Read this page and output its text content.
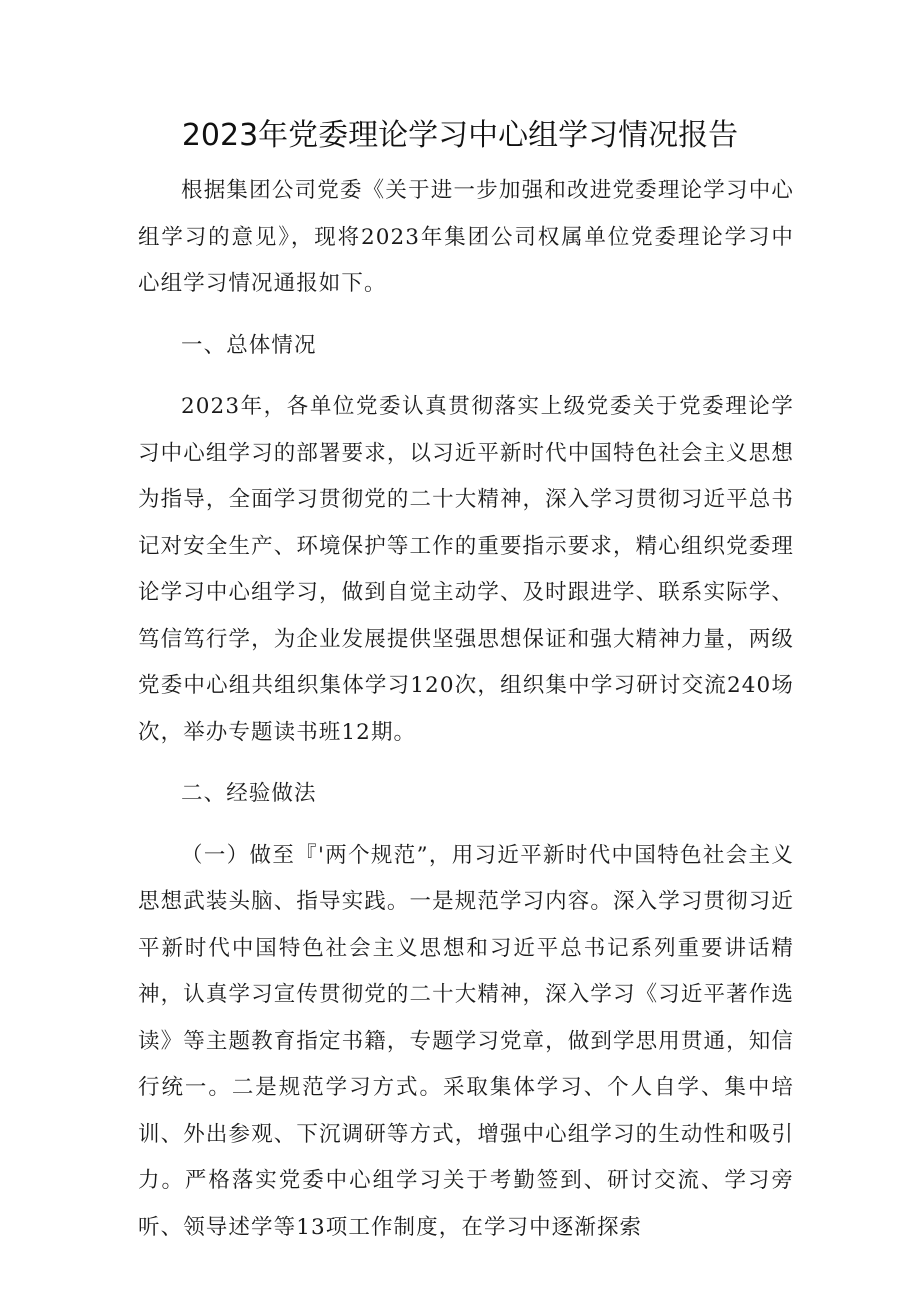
2023年党委理论学习中心组学习情况报告

根据集团公司党委《关于进一步加强和改进党委理论学习中心组学习的意见》，现将2023年集团公司权属单位党委理论学习中心组学习情况通报如下。

一、总体情况

2023年，各单位党委认真贯彻落实上级党委关于党委理论学习中心组学习的部署要求，以习近平新时代中国特色社会主义思想为指导，全面学习贯彻党的二十大精神，深入学习贯彻习近平总书记对安全生产、环境保护等工作的重要指示要求，精心组织党委理论学习中心组学习，做到自觉主动学、及时跟进学、联系实际学、笃信笃行学，为企业发展提供坚强思想保证和强大精神力量，两级党委中心组共组织集体学习120次，组织集中学习研讨交流240场次，举办专题读书班12期。

二、经验做法

（一）做至『'两个规范”，用习近平新时代中国特色社会主义思想武装头脑、指导实践。一是规范学习内容。深入学习贯彻习近平新时代中国特色社会主义思想和习近平总书记系列重要讲话精神，认真学习宣传贯彻党的二十大精神，深入学习《习近平著作选读》等主题教育指定书籍，专题学习党章，做到学思用贯通，知信行统一。二是规范学习方式。采取集体学习、个人自学、集中培训、外出参观、下沉调研等方式，增强中心组学习的生动性和吸引力。严格落实党委中心组学习关于考勤签到、研讨交流、学习旁听、领导述学等13项工作制度，在学习中逐渐探索
